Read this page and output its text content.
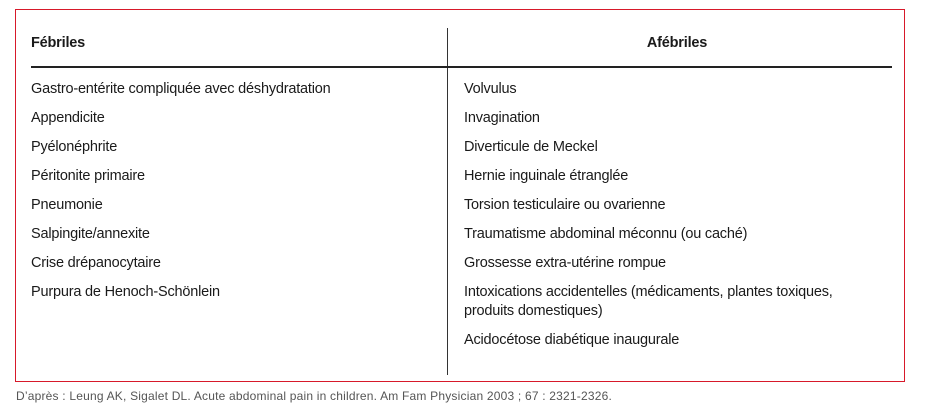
Fébriles	Afébriles
Gastro-entérite compliquée avec déshydratation
Appendicite
Pyélonéphrite
Péritonite primaire
Pneumonie
Salpingite/annexite
Crise drépanocytaire
Purpura de Henoch-Schönlein
Volvulus
Invagination
Diverticule de Meckel
Hernie inguinale étranglée
Torsion testiculaire ou ovarienne
Traumatisme abdominal méconnu (ou caché)
Grossesse extra-utérine rompue
Intoxications accidentelles (médicaments, plantes toxiques, produits domestiques)
Acidocétose diabétique inaugurale
D’après : Leung AK, Sigalet DL. Acute abdominal pain in children. Am Fam Physician 2003 ; 67 : 2321-2326.
